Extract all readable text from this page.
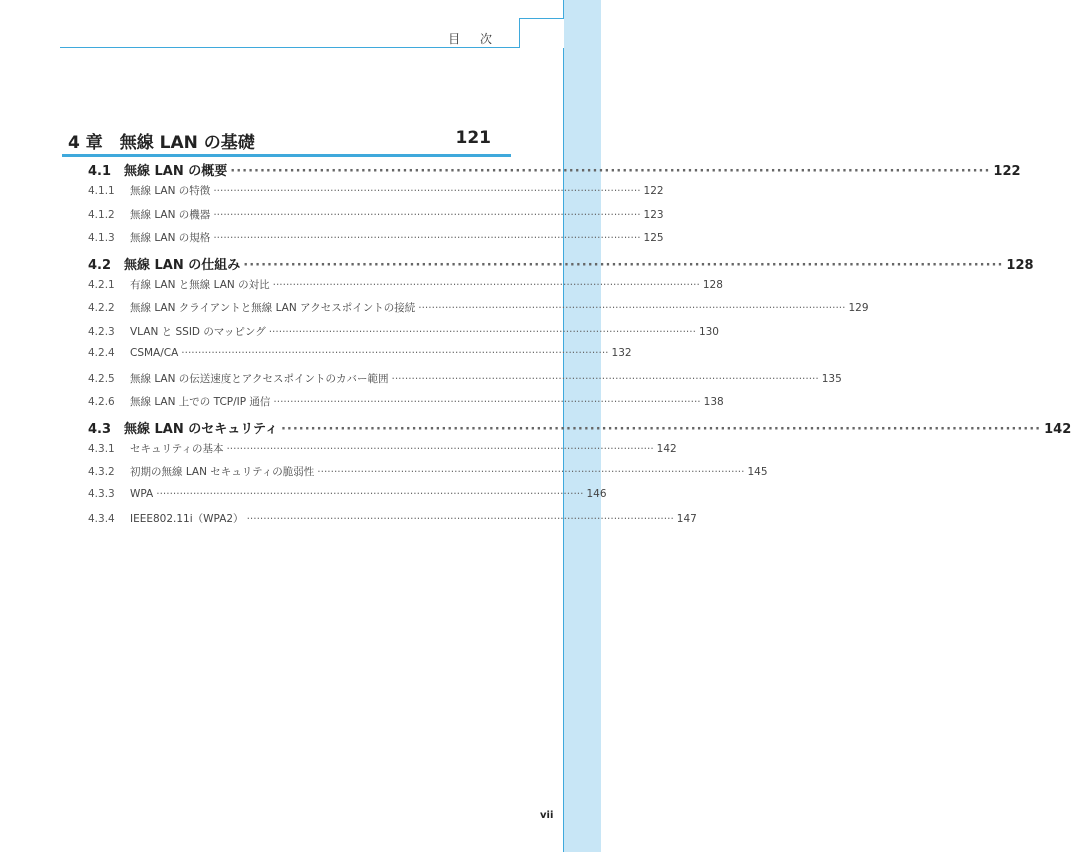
目 次
4 章　無線 LAN の基礎	121
4.1 無線 LAN の概要 ·····	122
4.1.1	無線 LAN の特徴 ·····	122
4.1.2	無線 LAN の機器 ·····	123
4.1.3	無線 LAN の規格 ·····	125
4.2 無線 LAN の仕組み ·····	128
4.2.1	有線 LAN と無線 LAN の対比 ·····	128
4.2.2	無線 LAN クライアントと無線 LAN アクセスポイントの接続 ·····	129
4.2.3	VLAN と SSID のマッピング ·····	130
4.2.4	CSMA/CA ·····	132
4.2.5	無線 LAN の伝送速度とアクセスポイントのカバー範囲 ·····	135
4.2.6	無線 LAN 上での TCP/IP 通信 ·····	138
4.3 無線 LAN のセキュリティ ·····	142
4.3.1	セキュリティの基本 ·····	142
4.3.2	初期の無線 LAN セキュリティの脆弱性 ·····	145
4.3.3	WPA ·····	146
4.3.4	IEEE802.11i（WPA2） ·····	147
vii
